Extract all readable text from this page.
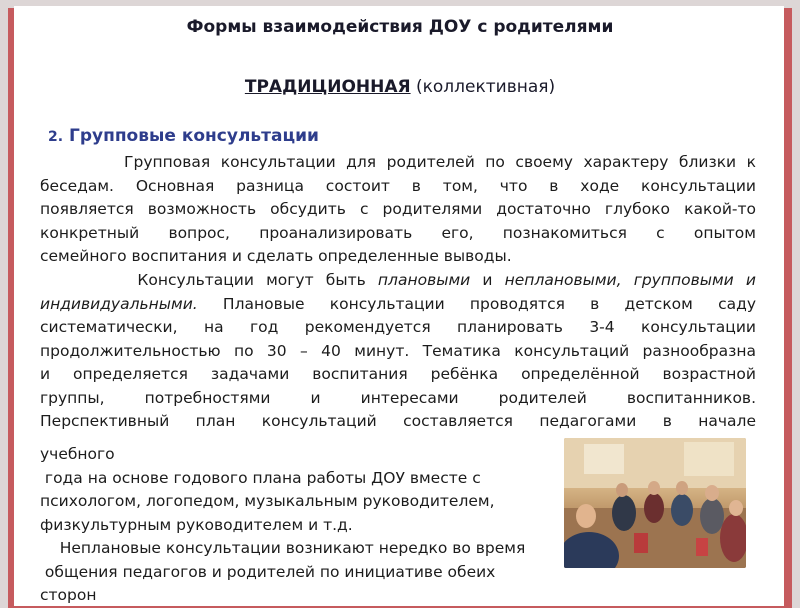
Формы взаимодействия ДОУ с родителями
ТРАДИЦИОННАЯ (коллективная)
2. Групповые консультации
Групповая консультации для родителей по своему характеру близки к
беседам. Основная разница состоит в том, что в ходе консультации
появляется возможность обсудить с родителями достаточно глубоко какой-то
конкретный вопрос, проанализировать его, познакомиться с опытом
семейного воспитания и сделать определенные выводы.
Консультации могут быть плановыми и неплановыми, групповыми и
индивидуальными. Плановые консультации проводятся в детском саду
систематически, на год рекомендуется планировать 3-4 консультации
продолжительностью по 30 – 40 минут. Тематика консультаций разнообразна
и определяется задачами воспитания ребёнка определённой возрастной
группы, потребностями и интересами родителей воспитанников.
Перспективный план консультаций составляется педагогами в начале
учебного
года на основе годового плана работы ДОУ вместе с
психологом, логопедом, музыкальным руководителем,
физкультурным руководителем и т.д.
Неплановые консультации возникают нередко во время
общения педагогов и родителей по инициативе обеих
сторон
